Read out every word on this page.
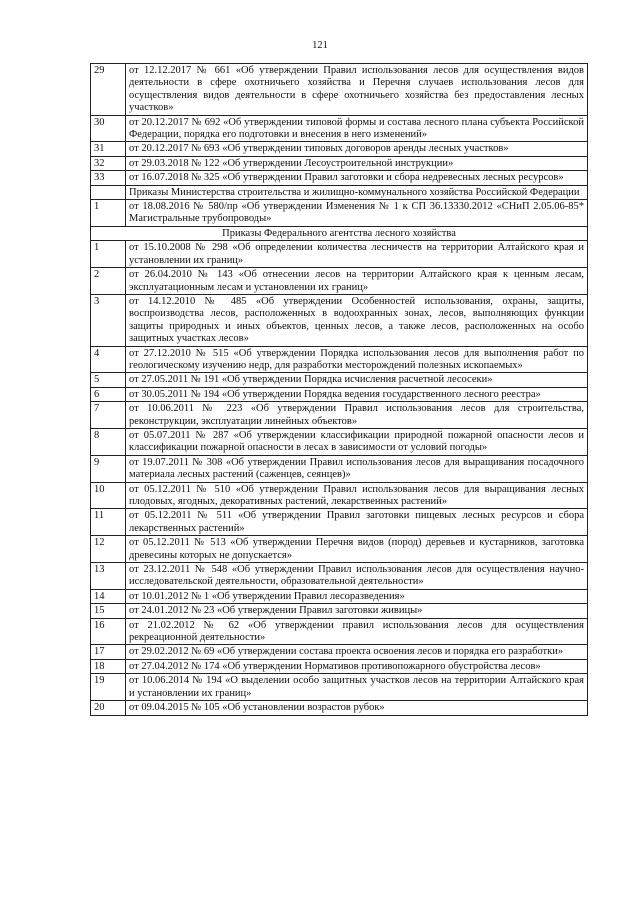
121
29	от 12.12.2017 № 661 «Об утверждении Правил использования лесов для осуществления видов деятельности в сфере охотничьего хозяйства и Перечня случаев использования лесов для осуществления видов деятельности в сфере охотничьего хозяйства без предоставления лесных участков»
30	от 20.12.2017 № 692 «Об утверждении типовой формы и состава лесного плана субъекта Российской Федерации, порядка его подготовки и внесения в него изменений»
31	от 20.12.2017 № 693 «Об утверждении типовых договоров аренды лесных участков»
32	от 29.03.2018 № 122 «Об утверждении Лесоустроительной инструкции»
33	от 16.07.2018 № 325 «Об утверждении Правил заготовки и сбора недревесных лесных ресурсов»
	Приказы Министерства строительства и жилищно-коммунального хозяйства Российской Федерации
1	от 18.08.2016 № 580/пр «Об утверждении Изменения № 1 к СП 36.13330.2012 «СНиП 2.05.06-85* Магистральные трубопроводы»
Приказы Федерального агентства лесного хозяйства	
1	от 15.10.2008 № 298 «Об определении количества лесничеств на территории Алтайского края и установлении их границ»
2	от 26.04.2010 № 143 «Об отнесении лесов на территории Алтайского края к ценным лесам, эксплуатационным лесам и установлении их границ»
3	от 14.12.2010 № 485 «Об утверждении Особенностей использования, охраны, защиты, воспроизводства лесов, расположенных в водоохранных зонах, лесов, выполняющих функции защиты природных и иных объектов, ценных лесов, а также лесов, расположенных на особо защитных участках лесов»
4	от 27.12.2010 № 515 «Об утверждении Порядка использования лесов для выполнения работ по геологическому изучению недр, для разработки месторождений полезных ископаемых»
5	от 27.05.2011 № 191 «Об утверждении Порядка исчисления расчетной лесосеки»
6	от 30.05.2011 № 194 «Об утверждении Порядка ведения государственного лесного реестра»
7	от 10.06.2011 № 223 «Об утверждении Правил использования лесов для строительства, реконструкции, эксплуатации линейных объектов»
8	от 05.07.2011 № 287 «Об утверждении классификации природной пожарной опасности лесов и классификации пожарной опасности в лесах в зависимости от условий погоды»
9	от 19.07.2011 № 308 «Об утверждении Правил использования лесов для выращивания посадочного материала лесных растений (саженцев, сеянцев)»
10	от 05.12.2011 № 510 «Об утверждении Правил использования лесов для выращивания лесных плодовых, ягодных, декоративных растений, лекарственных растений»
11	от 05.12.2011 № 511 «Об утверждении Правил заготовки пищевых лесных ресурсов и сбора лекарственных растений»
12	от 05.12.2011 № 513 «Об утверждении Перечня видов (пород) деревьев и кустарников, заготовка древесины которых не допускается»
13	от 23.12.2011 № 548 «Об утверждении Правил использования лесов для осуществления научно-исследовательской деятельности, образовательной деятельности»
14	от 10.01.2012 № 1 «Об утверждении Правил лесоразведения»
15	от 24.01.2012 № 23 «Об утверждении Правил заготовки живицы»
16	от 21.02.2012 № 62 «Об утверждении правил использования лесов для осуществления рекреационной деятельности»
17	от 29.02.2012 № 69 «Об утверждении состава проекта освоения лесов и порядка его разработки»
18	от 27.04.2012 № 174 «Об утверждении Нормативов противопожарного обустройства лесов»
19	от 10.06.2014 № 194 «О выделении особо защитных участков лесов на территории Алтайского края и установлении их границ»
20	от 09.04.2015 № 105 «Об установлении возрастов рубок»
